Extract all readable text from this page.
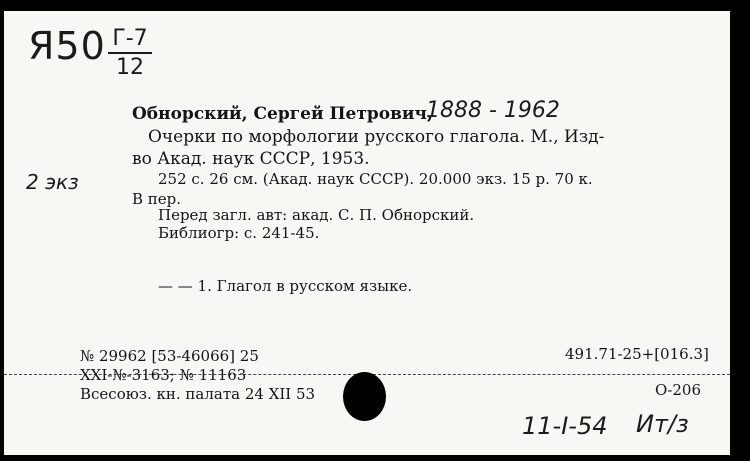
Я50 Г-7
12
2 экз
Обнорский, Сергей Петрович,
1888 - 1962
Очерки по морфологии русского глагола. М., Изд-
во Акад. наук СССР, 1953.
252 с. 26 см. (Акад. наук СССР). 20.000 экз. 15 р. 70 к.
В пер.
Перед загл. авт: акад. С. П. Обнорский.
Библиогр: с. 241-45.
— — 1. Глагол в русском языке.
№ 29962 [53-46066] 25	491.71-25+[016.3]
XXI-№-3163; № 11163
Всесоюз. кн. палата 24 XII 53	О-206
11-I-54 Ит/з
